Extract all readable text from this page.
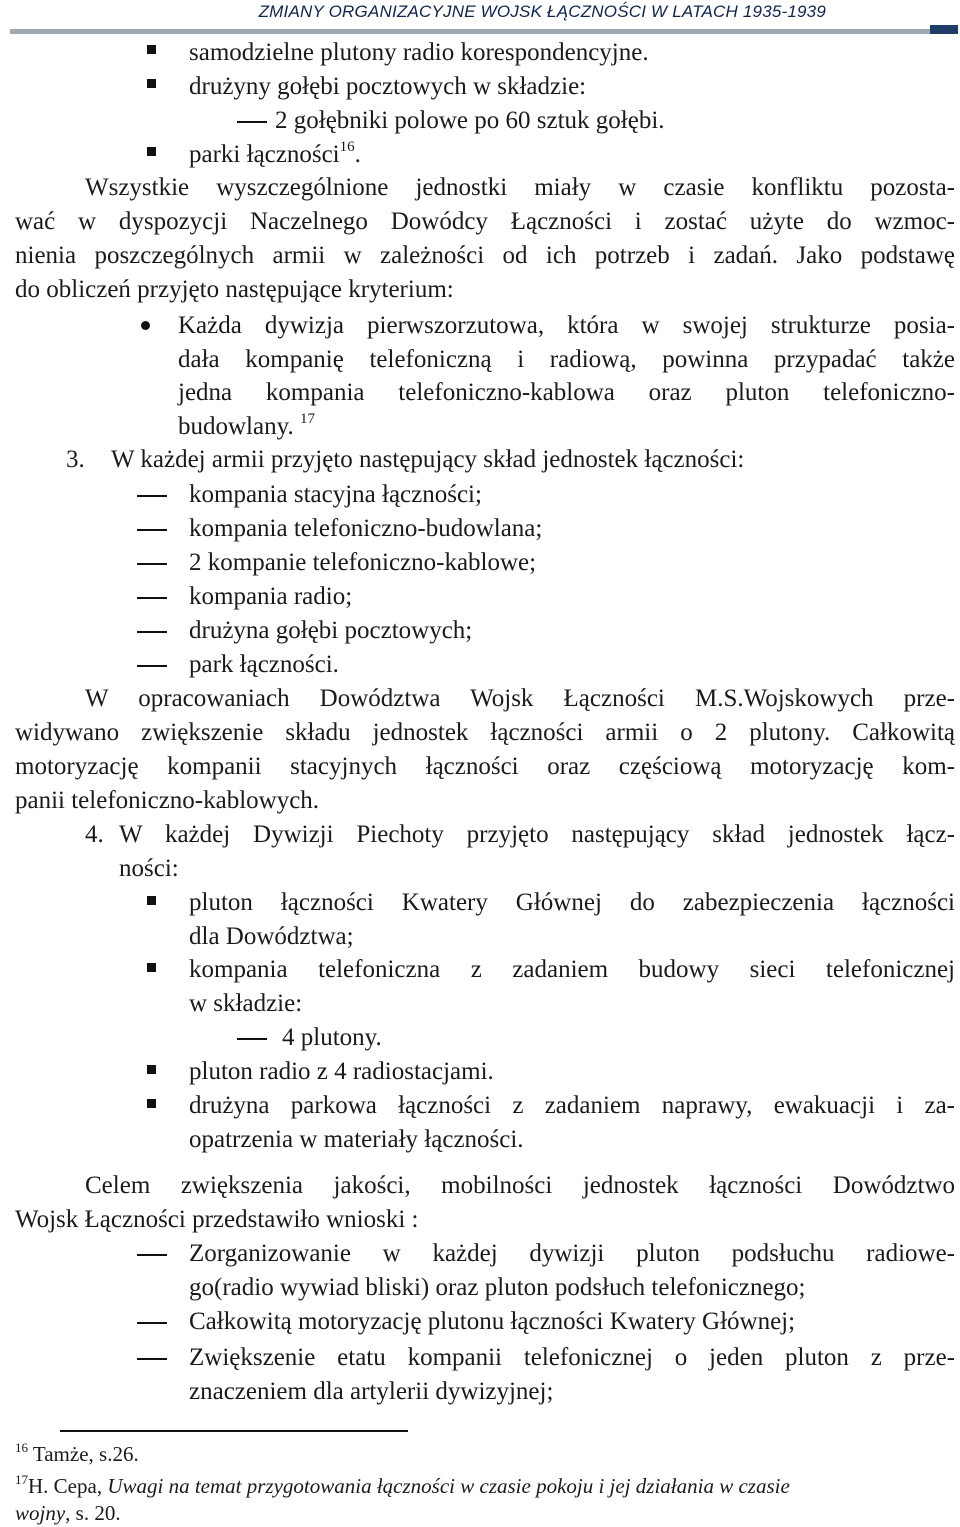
ZMIANY ORGANIZACYJNE WOJSK ŁĄCZNOŚCI W LATACH 1935-1939
samodzielne plutony radio korespondencyjne.
drużyny gołębi pocztowych w składzie:
2 gołębniki polowe po 60 sztuk gołębi.
parki łączności$^{16}$.
Wszystkie wyszczególnione jednostki miały w czasie konfliktu pozosta-
wać w dyspozycji Naczelnego Dowódcy Łączności i zostać użyte do wzmoc-
nienia poszczególnych armii w zależności od ich potrzeb i zadań. Jako podstawę
do obliczeń przyjęto następujące kryterium:
Każda dywizja pierwszorzutowa, która w swojej strukturze posia-
dała kompanię telefoniczną i radiową, powinna przypadać także
jedna kompania telefoniczno-kablowa oraz pluton telefoniczno-
budowlany. $^{17}$
3. W każdej armii przyjęto następujący skład jednostek łączności:
kompania stacyjna łączności;
kompania telefoniczno-budowlana;
2 kompanie telefoniczno-kablowe;
kompania radio;
drużyna gołębi pocztowych;
park łączności.
W opracowaniach Dowództwa Wojsk Łączności M.S.Wojskowych prze-
widywano zwiększenie składu jednostek łączności armii o 2 plutony. Całkowitą
motoryzację kompanii stacyjnych łączności oraz częściową motoryzację kom-
panii telefoniczno-kablowych.
4. W każdej Dywizji Piechoty przyjęto następujący skład jednostek łącz-
ności:
pluton łączności Kwatery Głównej do zabezpieczenia łączności
dla Dowództwa;
kompania telefoniczna z zadaniem budowy sieci telefonicznej
w składzie:
4 plutony.
pluton radio z 4 radiostacjami.
drużyna parkowa łączności z zadaniem naprawy, ewakuacji i za-
opatrzenia w materiały łączności.
Celem zwiększenia jakości, mobilności jednostek łączności Dowództwo
Wojsk Łączności przedstawiło wnioski :
Zorganizowanie w każdej dywizji pluton podsłuchu radiowe-
go(radio wywiad bliski) oraz pluton podsłuch telefonicznego;
Całkowitą motoryzację plutonu łączności Kwatery Głównej;
Zwiększenie etatu kompanii telefonicznej o jeden pluton z prze-
znaczeniem dla artylerii dywizyjnej;
$^{16}$ Tamże, s.26.
$^{17}$H. Cepa, Uwagi na temat przygotowania łączności w czasie pokoju i jej działania w czasie
wojny, s. 20.
